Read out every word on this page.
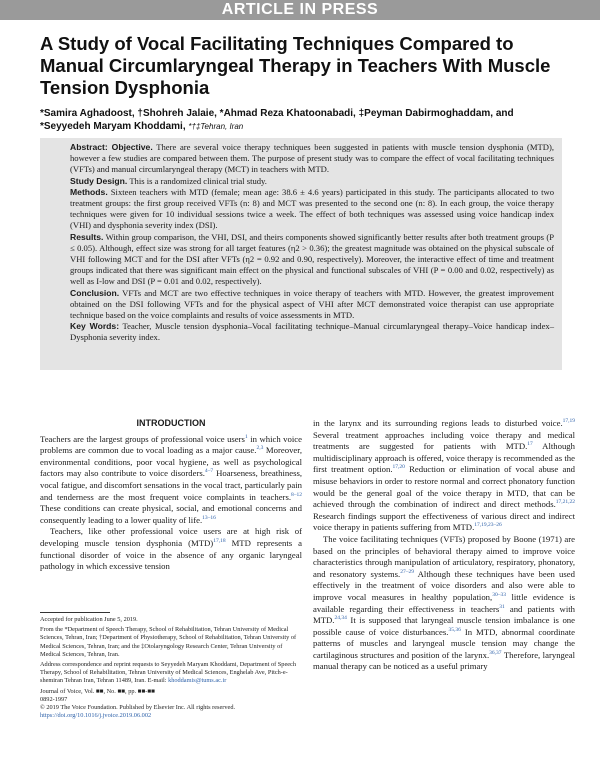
ARTICLE IN PRESS
A Study of Vocal Facilitating Techniques Compared to Manual Circumlaryngeal Therapy in Teachers With Muscle Tension Dysphonia
*Samira Aghadoost, †Shohreh Jalaie, *Ahmad Reza Khatoonabadi, ‡Peyman Dabirmoghaddam, and
*Seyyedeh Maryam Khoddami, *†‡Tehran, Iran

Abstract: Objective. There are several voice therapy techniques been suggested in patients with muscle tension dysphonia (MTD), however a few studies are compared between them. The purpose of present study was to compare the effect of vocal facilitating techniques (VFTs) and manual circumlaryngeal therapy (MCT) in teachers with MTD.

Study Design. This is a randomized clinical trial study.

Methods. Sixteen teachers with MTD (female; mean age: 38.6 ± 4.6 years) participated in this study. The participants allocated to two treatment groups: the first group received VFTs (n: 8) and MCT was presented to the second one (n: 8). In each group, the voice therapy techniques were given for 10 individual sessions twice a week. The effect of both techniques was assessed using voice handicap index (VHI) and dysphonia severity index (DSI).

Results. Within group comparison, the VHI, DSI, and theirs components showed significantly better results after both treatment groups (P ≤ 0.05). Although, effect size was strong for all target features (η2 > 0.36); the greatest magnitude was obtained on the physical subscale of VHI following MCT and for the DSI after VFTs (η2 = 0.92 and 0.90, respectively). Moreover, the interactive effect of time and treatment groups indicated that there was significant main effect on the physical and functional subscales of VHI (P = 0.00 and 0.02, respectively) as well as I-low and DSI (P = 0.01 and 0.02, respectively).

Conclusion. VFTs and MCT are two effective techniques in voice therapy of teachers with MTD. However, the greatest improvement obtained on the DSI following VFTs and for the physical aspect of VHI after MCT demonstrated voice therapist can use appropriate technique based on the voice complaints and results of voice assessments in MTD.

Key Words: Teacher, Muscle tension dysphonia–Vocal facilitating technique–Manual circumlaryngeal therapy–Voice handicap index–Dysphonia severity index.

INTRODUCTION

Teachers are the largest groups of professional voice users$^1$ in which voice problems are common due to vocal loading as a major cause.$^{2,3}$ Moreover, environmental conditions, poor vocal hygiene, as well as psychological factors may also contribute to voice disorders.$^{4-7}$ Hoarseness, breathiness, vocal fatigue, and discomfort sensations in the vocal tract, particularly pain and tenderness are the most frequent voice complaints in teachers.$^{8-12}$ These conditions can create physical, social, and emotional concerns and consequently leading to a lower quality of life.$^{13-16}$

Teachers, like other professional voice users are at high risk of developing muscle tension dysphonia (MTD)$^{17,18}$ MTD represents a functional disorder of voice in the absence of any organic laryngeal pathology in which excessive tension

in the larynx and its surrounding regions leads to disturbed voice.$^{17,19}$ Several treatment approaches including voice therapy and medical treatments are suggested for patients with MTD.$^{17}$ Although multidisciplinary approach is offered, voice therapy is recommended as the first treatment option.$^{17,20}$ Reduction or elimination of vocal abuse and misuse behaviors in order to restore normal and correct phonatory function would be the general goal of the voice therapy in MTD, that can be achieved through the combination of indirect and direct methods.$^{17,21,22}$ Research findings support the effectiveness of various direct and indirect voice therapy in patients suffering from MTD.$^{17,19,23-26}$

The voice facilitating techniques (VFTs) proposed by Boone (1971) are based on the principles of behavioral therapy aimed to improve voice characteristics through manipulation of articulatory, respiratory, phonatory, and resonatory systems.$^{27-29}$ Although these techniques have been used effectively in the treatment of voice disorders and also were able to improve vocal measures in healthy population,$^{30-33}$ little evidence is available regarding their effectiveness in teachers$^{31}$ and patients with MTD.$^{24,34}$ It is supposed that laryngeal muscle tension imbalance is one possible cause of voice disturbances.$^{35,36}$ In MTD, abnormal coordinate patterns of muscles and laryngeal muscle tension may change the cartilaginous structures and position of the larynx.$^{36,37}$ Therefore, laryngeal manual therapy can be noticed as a useful primary

Accepted for publication June 5, 2019.

From the *Department of Speech Therapy, School of Rehabilitation, Tehran University of Medical Sciences, Tehran, Iran; †Department of Physiotherapy, School of Rehabilitation, Tehran University of Medical Sciences, Tehran, Iran; and the ‡Otolaryngology Research Center, Tehran University of Medical Sciences, Tehran, Iran.

Address correspondence and reprint requests to Seyyedeh Maryam Khoddami, Department of Speech Therapy, School of Rehabilitation, Tehran University of Medical Sciences, Enghelab Ave, Pitch-e-shemiran Tehran Iran, Tehran 11489, Iran. E-mail: khoddamis@tums.ac.ir

Journal of Voice, Vol. ■■, No. ■■, pp. ■■-■■
0892-1997
© 2019 The Voice Foundation. Published by Elsevier Inc. All rights reserved.
https://doi.org/10.1016/j.jvoice.2019.06.002
